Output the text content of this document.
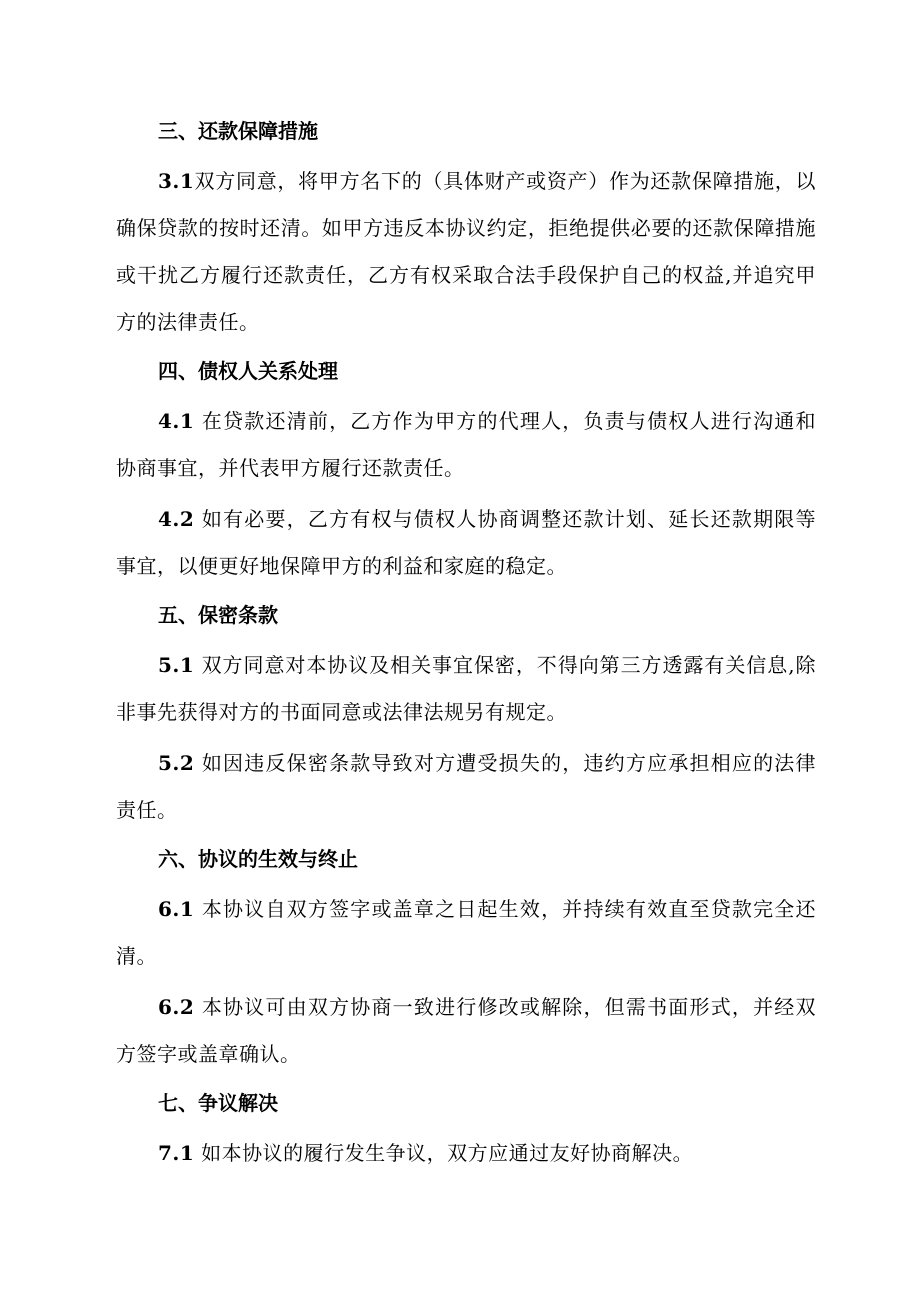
三、还款保障措施

3.1双方同意，将甲方名下的（具体财产或资产）作为还款保障措施，以确保贷款的按时还清。如甲方违反本协议约定，拒绝提供必要的还款保障措施或干扰乙方履行还款责任，乙方有权采取合法手段保护自己的权益,并追究甲方的法律责任。

四、债权人关系处理

4.1 在贷款还清前，乙方作为甲方的代理人，负责与债权人进行沟通和协商事宜，并代表甲方履行还款责任。

4.2 如有必要，乙方有权与债权人协商调整还款计划、延长还款期限等事宜，以便更好地保障甲方的利益和家庭的稳定。

五、保密条款

5.1 双方同意对本协议及相关事宜保密，不得向第三方透露有关信息,除非事先获得对方的书面同意或法律法规另有规定。

5.2 如因违反保密条款导致对方遭受损失的，违约方应承担相应的法律责任。

六、协议的生效与终止

6.1 本协议自双方签字或盖章之日起生效，并持续有效直至贷款完全还清。

6.2 本协议可由双方协商一致进行修改或解除，但需书面形式，并经双方签字或盖章确认。

七、争议解决

7.1 如本协议的履行发生争议，双方应通过友好协商解决。
